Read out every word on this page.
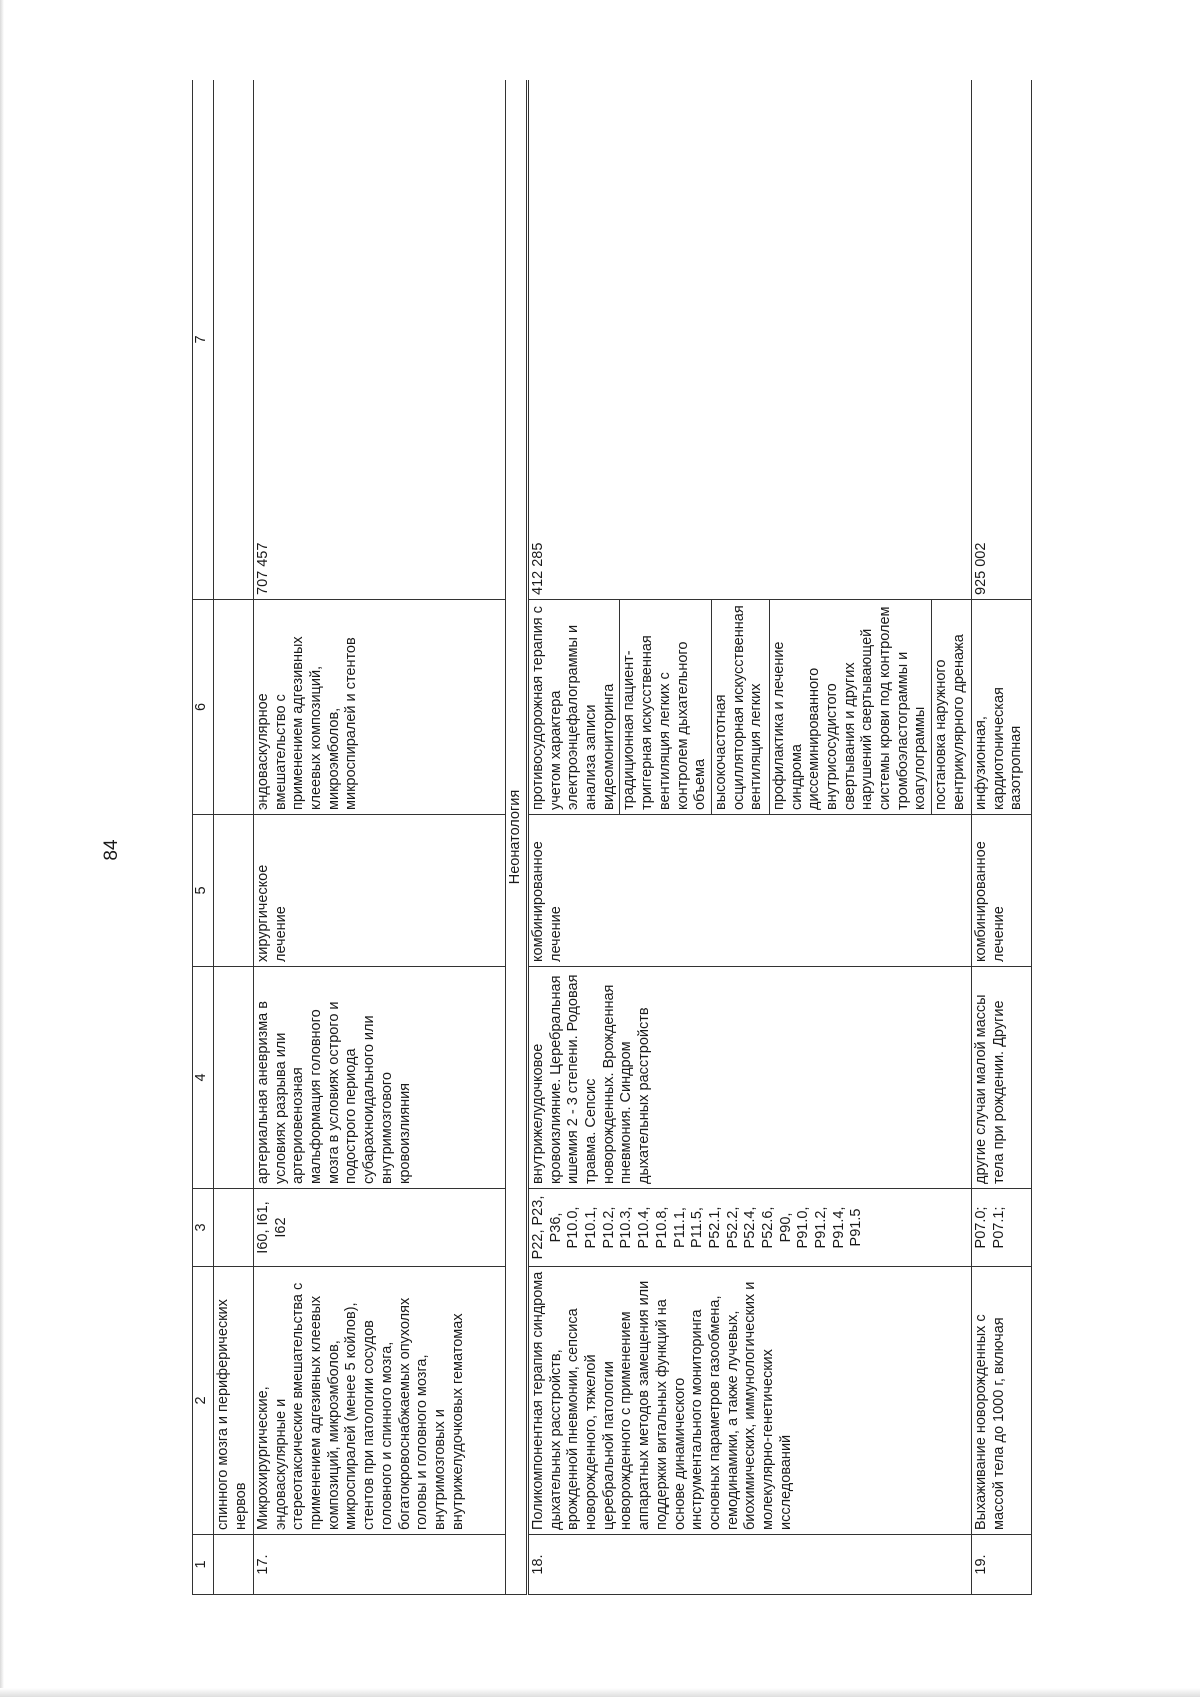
84
1	2	3	4	5	6	7
	спинного мозга и периферических нервов					
17.	Микрохирургические, эндоваскулярные и стереотаксические вмешательства с применением адгезивных клеевых композиций, микроэмболов, микроспиралей (менее 5 койлов), стентов при патологии сосудов головного и спинного мозга, богатокровоснабжаемых опухолях головы и головного мозга, внутримозговых и внутрижелудочковых гематомах	I60, I61, I62	артериальная аневризма в условиях разрыва или артериовенозная мальформация головного мозга в условиях острого и подострого периода субарахноидального или внутримозгового кровоизлияния	хирургическое лечение	эндоваскулярное вмешательство с применением адгезивных клеевых композиций, микроэмболов, микроспиралей и стентов	707 457
Неонатология						
18.	Поликомпонентная терапия синдрома дыхательных расстройств, врожденной пневмонии, сепсиса новорожденного, тяжелой церебральной патологии новорожденного с применением аппаратных методов замещения или поддержки витальных функций на основе динамического инструментального мониторинга основных параметров газообмена, гемодинамики, а также лучевых, биохимических, иммунологических и молекулярно-генетических исследований	P22, P23, P36, P10.0, P10.1, P10.2, P10.3, P10.4, P10.8, P11.1, P11.5, P52.1, P52.2, P52.4, P52.6, P90, P91.0, P91.2, P91.4, P91.5	внутрижелудочковое кровоизлияние. Церебральная ишемия 2 - 3 степени. Родовая травма. Сепсис новорожденных. Врожденная пневмония. Синдром дыхательных расстройств	комбинированное лечение	противосудорожная терапия с учетом характера электроэнцефалограммы и анализа записи видеомониторинга	412 285
					традиционная пациент-триггерная искусственная вентиляция легких с контролем дыхательного объема	
					высокочастотная осцилляторная искусственная вентиляция легких	
					профилактика и лечение синдрома диссеминированного внутрисосудистого свертывания и других нарушений свертывающей системы крови под контролем тромбоэластограммы и коагулограммы	
					постановка наружного вентрикулярного дренажа	
19.	Выхаживание новорожденных с массой тела до 1000 г, включая	P07.0; P07.1;	другие случаи малой массы тела при рождении. Другие	комбинированное лечение	инфузионная, кардиотоническая вазотропная	925 002
